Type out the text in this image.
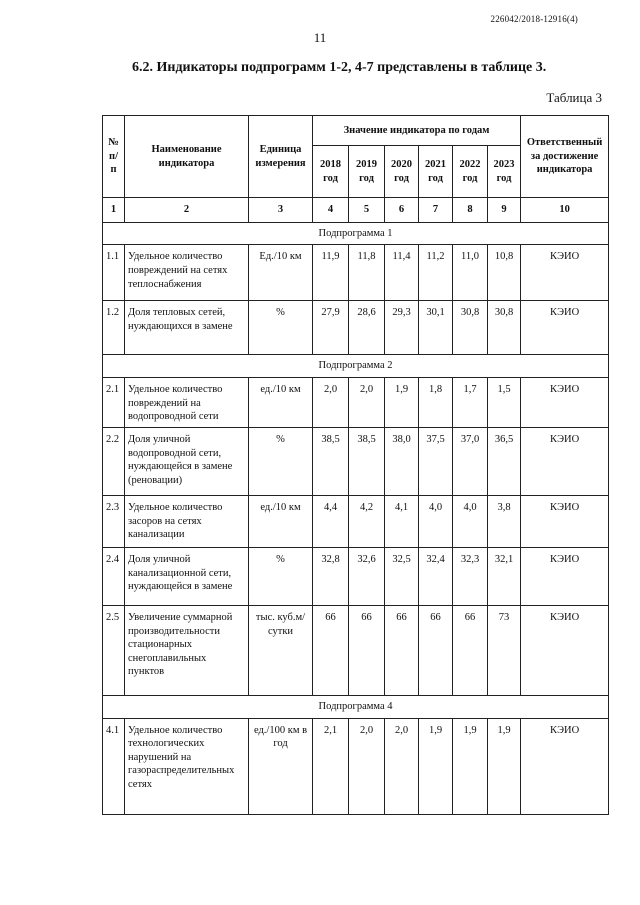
226042/2018-12916(4)
11
6.2. Индикаторы подпрограмм 1-2, 4-7 представлены в таблице 3.
Таблица 3
№ п/ п	Наименование индикатора	Единица измерения	Значение индикатора по годам						Ответственный за достижение индикатора
			2018 год	2019 год	2020 год	2021 год	2022 год	2023 год	
1	2	3	4	5	6	7	8	9	10
Подпрограмма 1									
1.1	Удельное количество повреждений на сетях теплоснабжения	Ед./10 км	11,9	11,8	11,4	11,2	11,0	10,8	КЭИО
1.2	Доля тепловых сетей, нуждающихся в замене	%	27,9	28,6	29,3	30,1	30,8	30,8	КЭИО
Подпрограмма 2									
2.1	Удельное количество повреждений на водопроводной сети	ед./10 км	2,0	2,0	1,9	1,8	1,7	1,5	КЭИО
2.2	Доля уличной водопроводной сети, нуждающейся в замене (реновации)	%	38,5	38,5	38,0	37,5	37,0	36,5	КЭИО
2.3	Удельное количество засоров на сетях канализации	ед./10 км	4,4	4,2	4,1	4,0	4,0	3,8	КЭИО
2.4	Доля уличной канализационной сети, нуждающейся в замене	%	32,8	32,6	32,5	32,4	32,3	32,1	КЭИО
2.5	Увеличение суммарной производительности стационарных снегоплавильных пунктов	тыс. куб.м/сутки	66	66	66	66	66	73	КЭИО
Подпрограмма 4									
4.1	Удельное количество технологических нарушений на газораспределительных сетях	ед./100 км в год	2,1	2,0	2,0	1,9	1,9	1,9	КЭИО
